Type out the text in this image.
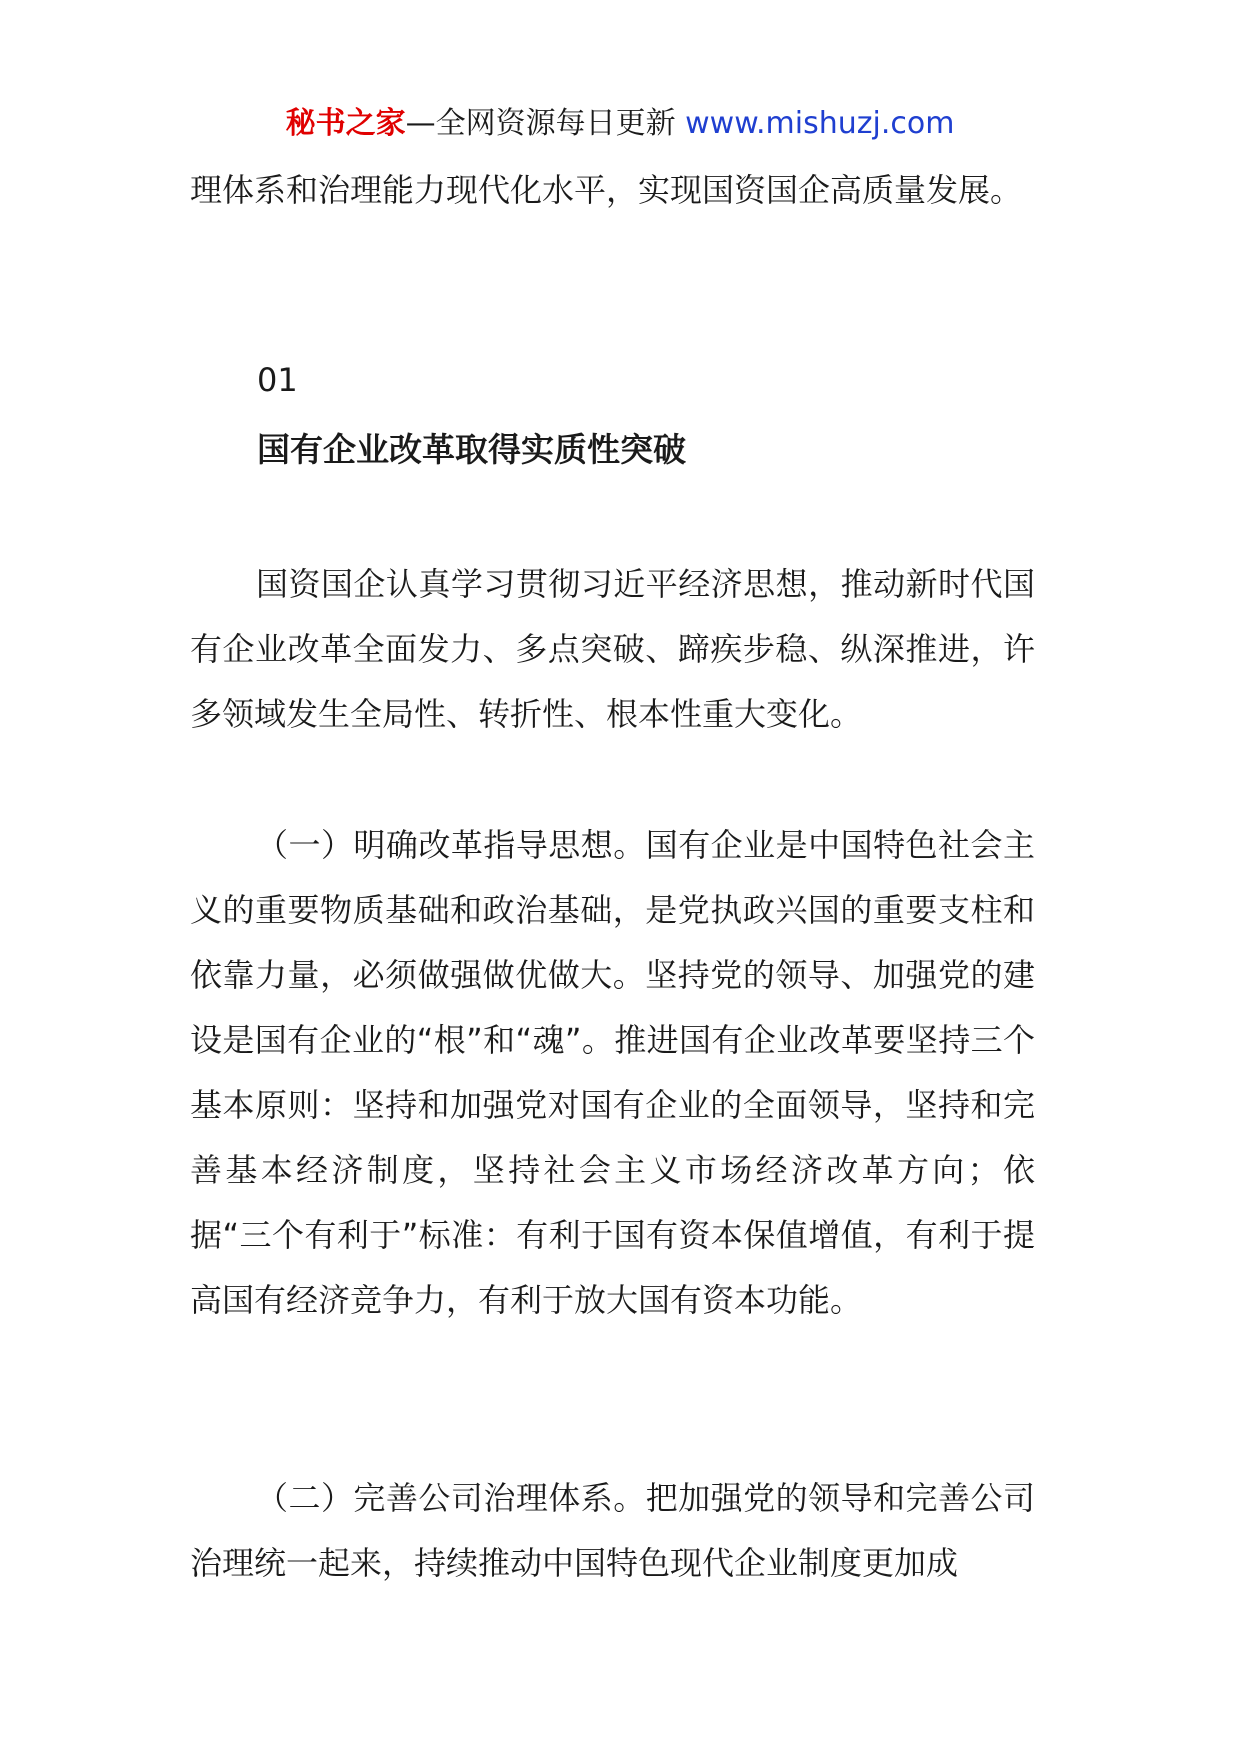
秘书之家—全网资源每日更新 www.mishuzj.com
理体系和治理能力现代化水平，实现国资国企高质量发展。
01
国有企业改革取得实质性突破
国资国企认真学习贯彻习近平经济思想，推动新时代国有企业改革全面发力、多点突破、蹄疾步稳、纵深推进，许多领域发生全局性、转折性、根本性重大变化。
（一）明确改革指导思想。国有企业是中国特色社会主义的重要物质基础和政治基础，是党执政兴国的重要支柱和依靠力量，必须做强做优做大。坚持党的领导、加强党的建设是国有企业的“根”和“魂”。推进国有企业改革要坚持三个基本原则：坚持和加强党对国有企业的全面领导，坚持和完善基本经济制度，坚持社会主义市场经济改革方向；依据“三个有利于”标准：有利于国有资本保值增值，有利于提高国有经济竞争力，有利于放大国有资本功能。
（二）完善公司治理体系。把加强党的领导和完善公司治理统一起来，持续推动中国特色现代企业制度更加成
